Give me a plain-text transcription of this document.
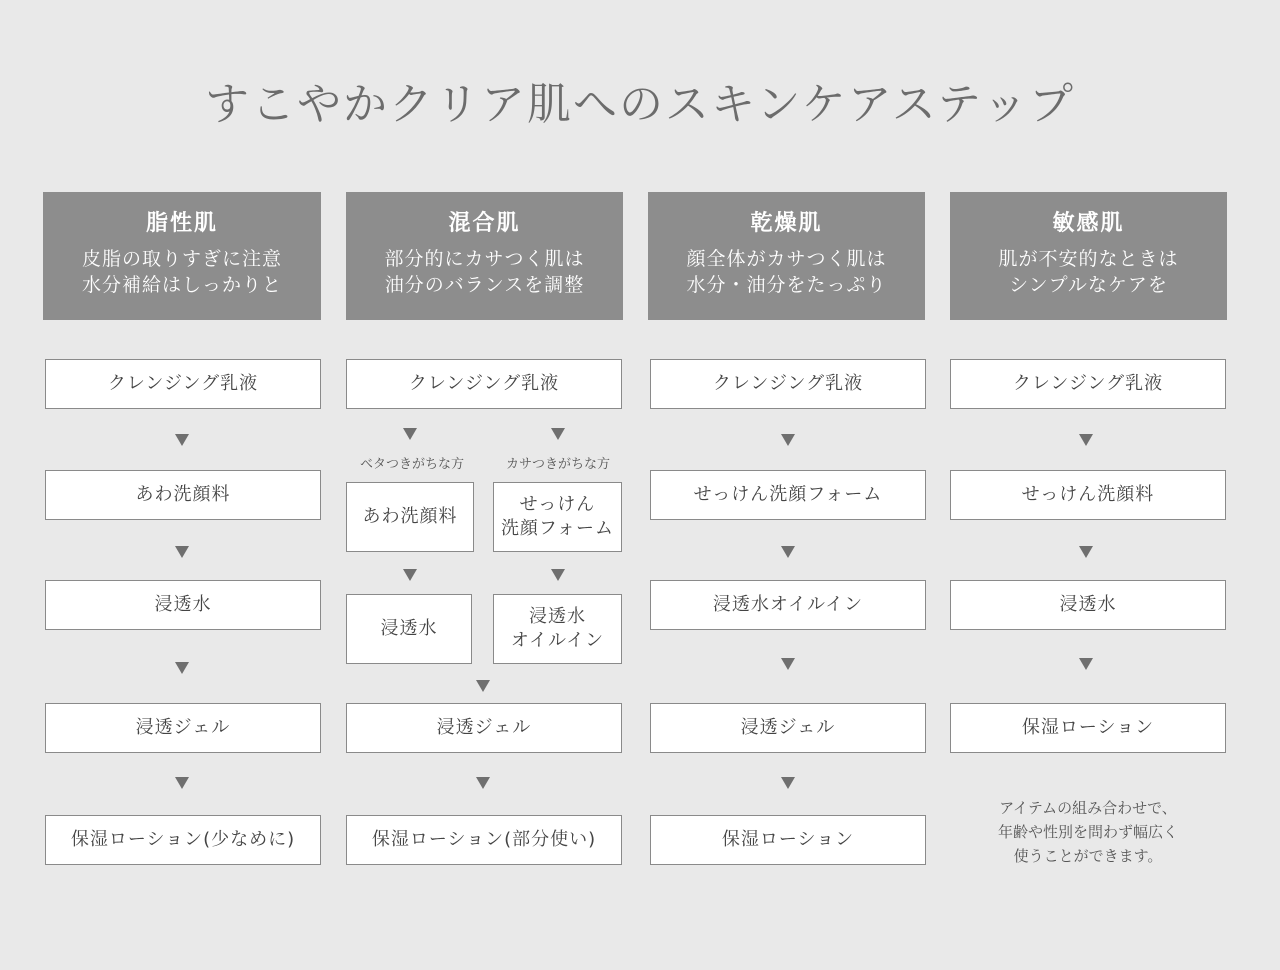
すこやかクリア肌へのスキンケアステップ
脂性肌
皮脂の取りすぎに注意
水分補給はしっかりと
混合肌
部分的にカサつく肌は
油分のバランスを調整
乾燥肌
顔全体がカサつく肌は
水分・油分をたっぷり
敏感肌
肌が不安的なときは
シンプルなケアを
クレンジング乳液
あわ洗顔料
浸透水
浸透ジェル
保湿ローション(少なめに)
クレンジング乳液
ベタつきがちな方	カサつきがちな方
あわ洗顔料
せっけん
洗顔フォーム
浸透水
浸透水
オイルイン
浸透ジェル
保湿ローション(部分使い)
クレンジング乳液
せっけん洗顔フォーム
浸透水オイルイン
浸透ジェル
保湿ローション
クレンジング乳液
せっけん洗顔料
浸透水
保湿ローション
アイテムの組み合わせで、
年齢や性別を問わず幅広く
使うことができます。
